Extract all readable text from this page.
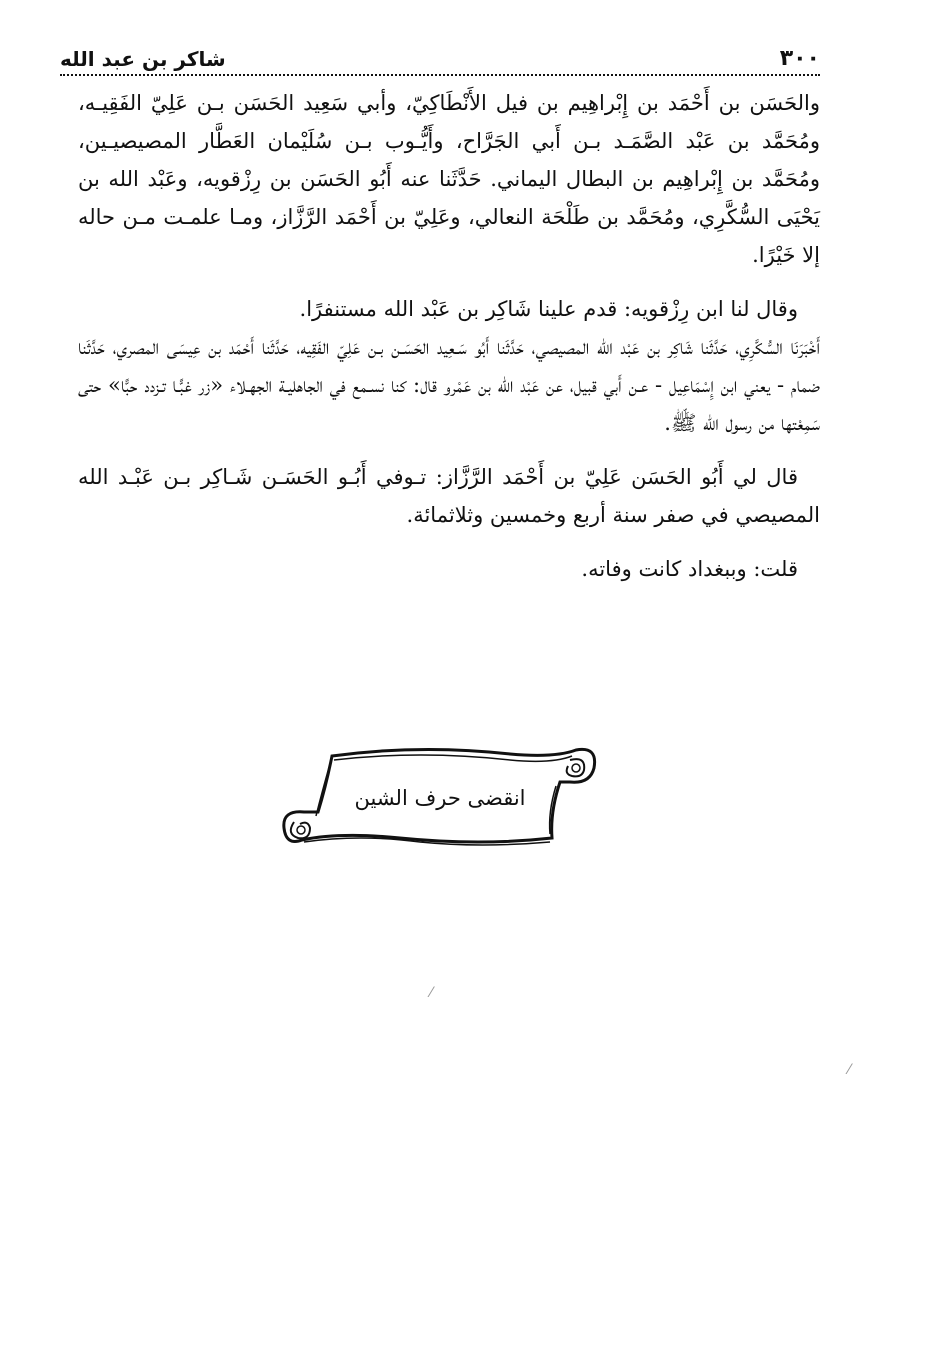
٣٠٠
شاكر بن عبد الله

والحَسَن بن أَحْمَد بن إِبْراهِيم بن فيل الأَنْطَاكِيّ، وأبي سَعِيد الحَسَن بـن عَلِيّ الفَقِيـه، ومُحَمَّد بن عَبْد الصَّمَـد بـن أَبي الجَرَّاح، وأَيُّـوب بـن سُلَيْمان العَطَّار المصيصيـين، ومُحَمَّد بن إِبْراهِيم بن البطال اليماني. حَدَّثَنا عنه أَبُو الحَسَن بن رِزْقويه، وعَبْد الله بن يَحْيَى السُّكَّرِي، ومُحَمَّد بن طَلْحَة النعالي، وعَلِيّ بن أَحْمَد الرَّزَّاز، ومـا علمـت مـن حاله إلا خَيْرًا.

وقال لنا ابن رِزْقويه: قدم علينا شَاكِر بن عَبْد الله مستنفرًا.

أَخْبَرَنَا السُّكَّرِي، حَدَّثَنا شَاكِر بن عَبْد الله المصيصي، حَدَّثَنا أَبُو سَـعِيد الحَسَـن بـن عَلِيّ الفَقِيه، حَدَّثَنا أَحْمَد بن عِيسَى المصري، حَدَّثَنا ضمام - يعني ابن إِسْمَاعِيل - عـن أَبي قبيل، عن عَبْد الله بن عَمْرو قال: كنا نسـمع في الجاهليـة الجهـلاء «زر غبًّـا تـزدد حبًّا» حتى سَمِعْتها من رسول الله ﷺ.

قال لي أَبُو الحَسَن عَلِيّ بن أَحْمَد الرَّزَّاز: تـوفي أَبُـو الحَسَـن شَـاكِر بـن عَبْـد الله المصيصي في صفر سنة أربع وخمسين وثلاثمائة.

قلت: وببغداد كانت وفاته.

انقضى حرف الشين
⁄
⁄
